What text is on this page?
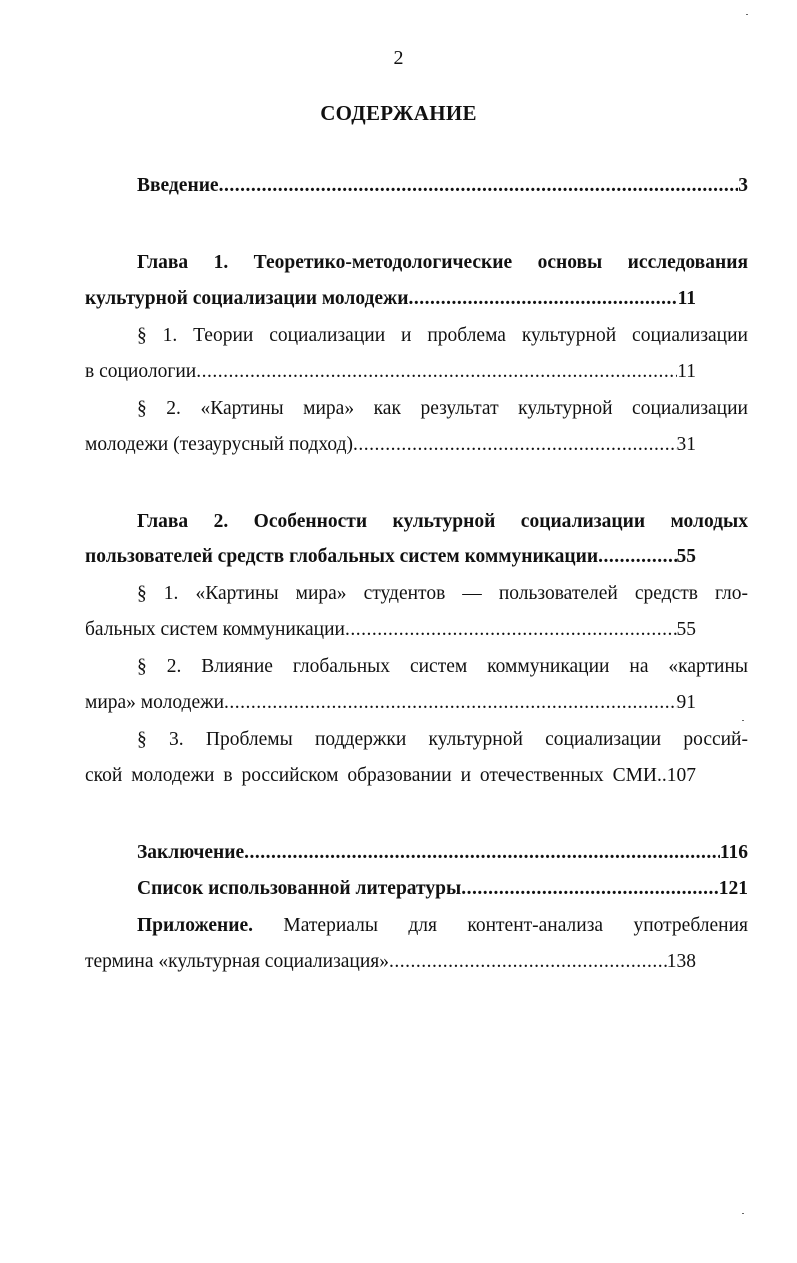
2
СОДЕРЖАНИЕ
Введение .....	3
Глава 1. Теоретико-методологические основы исследования
культурной социализации молодежи .....	11
§ 1. Теории социализации и проблема культурной социализации
в социологии .....	11
§ 2. «Картины мира» как результат культурной социализации
молодежи (тезаурусный подход) .....	31
Глава 2. Особенности культурной социализации молодых
пользователей средств глобальных систем коммуникации .....	55
§ 1. «Картины мира» студентов — пользователей средств гло-
бальных систем коммуникации .....	55
§ 2. Влияние глобальных систем коммуникации на «картины
мира» молодежи .....	91
§ 3. Проблемы поддержки культурной социализации россий-
ской молодежи в российском образовании и отечественных СМИ..107
Заключение .....	116
Список использованной литературы .....	121
Приложение. Материалы для контент-анализа употребления
термина «культурная социализация» .....	138
